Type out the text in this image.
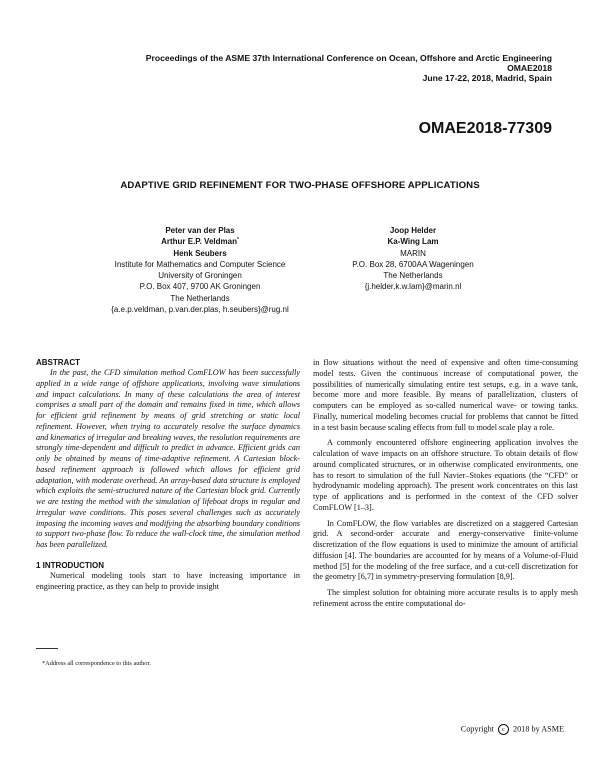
Proceedings of the ASME 37th International Conference on Ocean, Offshore and Arctic Engineering
OMAE2018
June 17-22, 2018, Madrid, Spain
OMAE2018-77309
ADAPTIVE GRID REFINEMENT FOR TWO-PHASE OFFSHORE APPLICATIONS
Peter van der Plas
Arthur E.P. Veldman*
Henk Seubers
Institute for Mathematics and Computer Science
University of Groningen
P.O. Box 407, 9700 AK Groningen
The Netherlands
{a.e.p.veldman, p.van.der.plas, h.seubers}@rug.nl
Joop Helder
Ka-Wing Lam
MARIN
P.O. Box 28, 6700AA Wageningen
The Netherlands
{j.helder,k.w.lam}@marin.nl
ABSTRACT

In the past, the CFD simulation method ComFLOW has been successfully applied in a wide range of offshore applications, involving wave simulations and impact calculations. In many of these calculations the area of interest comprises a small part of the domain and remains fixed in time, which allows for efficient grid refinement by means of grid stretching or static local refinement. However, when trying to accurately resolve the surface dynamics and kinematics of irregular and breaking waves, the resolution requirements are strongly time-dependent and difficult to predict in advance. Efficient grids can only be obtained by means of time-adaptive refinement. A Cartesian block-based refinement approach is followed which allows for efficient grid adaptation, with moderate overhead. An array-based data structure is employed which exploits the semi-structured nature of the Cartesian block grid. Currently we are testing the method with the simulation of lifeboat drops in regular and irregular wave conditions. This poses several challenges such as accurately imposing the incoming waves and modifying the absorbing boundary conditions to support two-phase flow. To reduce the wall-clock time, the simulation method has been parallelized.

1 INTRODUCTION

Numerical modeling tools start to have increasing importance in engineering practice, as they can help to provide insight

in flow situations without the need of expensive and often time-consuming model tests. Given the continuous increase of computational power, the possibilities of numerically simulating entire test setups, e.g. in a wave tank, become more and more feasible. By means of parallelization, clusters of computers can be employed as so-called numerical wave- or towing tanks. Finally, numerical modeling becomes crucial for problems that cannot be fitted in a test basin because scaling effects from full to model scale play a role.

A commonly encountered offshore engineering application involves the calculation of wave impacts on an offshore structure. To obtain details of flow around complicated structures, or in otherwise complicated environments, one has to resort to simulation of the full Navier–Stokes equations (the “CFD” or hydrodynamic modeling approach). The present work concentrates on this last type of applications and is performed in the context of the CFD solver ComFLOW [1–3].

In ComFLOW, the flow variables are discretized on a staggered Cartesian grid. A second-order accurate and energy-conservative finite-volume discretization of the flow equations is used to minimize the amount of artificial diffusion [4]. The boundaries are accounted for by means of a Volume-of-Fluid method [5] for the modeling of the free surface, and a cut-cell discretization for the geometry [6,7] in symmetry-preserving formulation [8,9].

The simplest solution for obtaining more accurate results is to apply mesh refinement across the entire computational do-

*Address all correspondence to this author.
Copyright c 2018 by ASME
